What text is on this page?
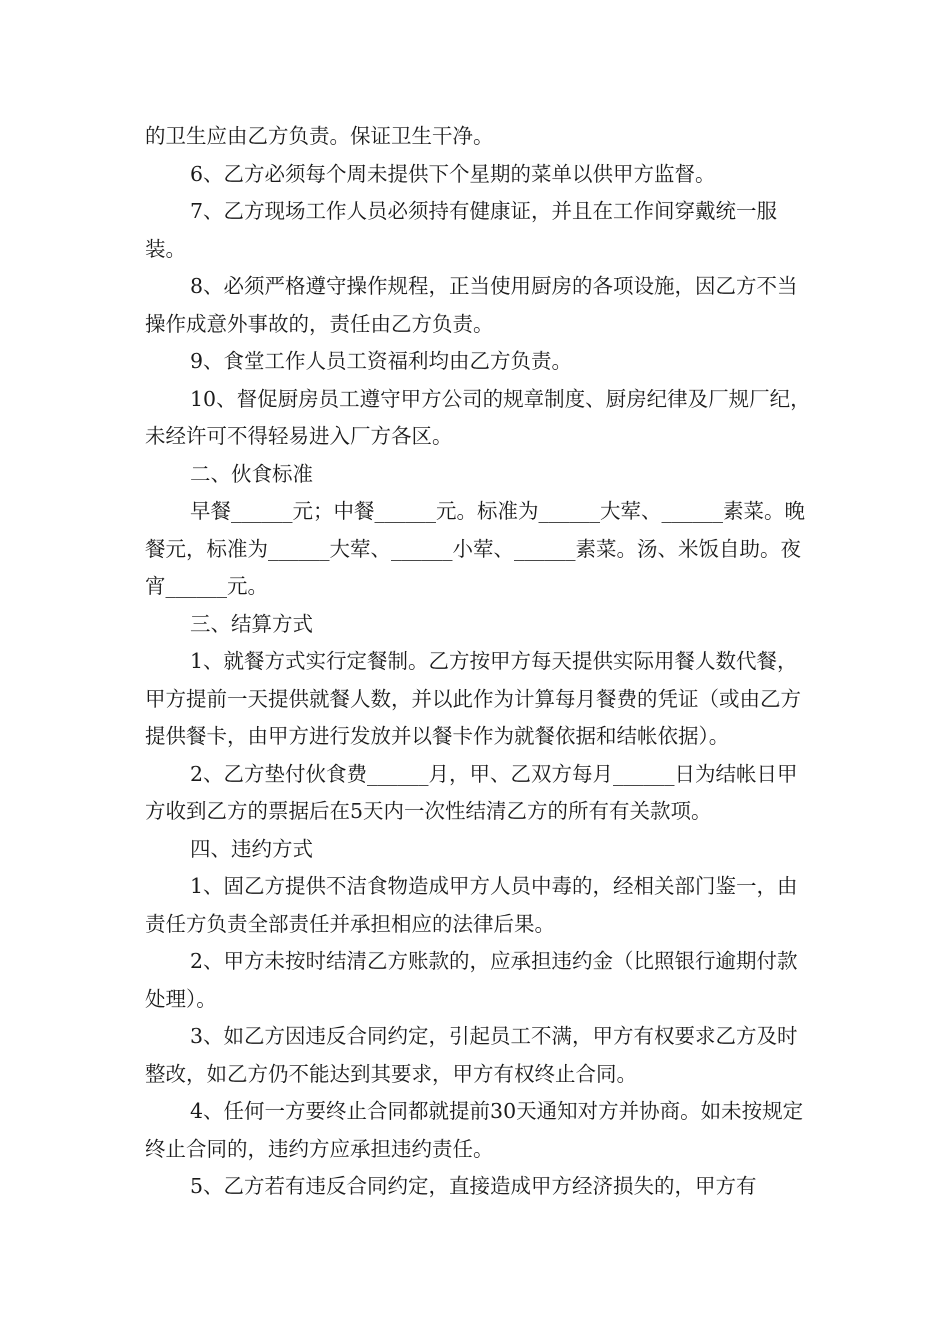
的卫生应由乙方负责。保证卫生干净。

6、乙方必须每个周未提供下个星期的菜单以供甲方监督。

7、乙方现场工作人员必须持有健康证，并且在工作间穿戴统一服装。

8、必须严格遵守操作规程，正当使用厨房的各项设施，因乙方不当操作成意外事故的，责任由乙方负责。

9、食堂工作人员工资福利均由乙方负责。

10、督促厨房员工遵守甲方公司的规章制度、厨房纪律及厂规厂纪，未经许可不得轻易进入厂方各区。

二、伙食标准

早餐______元；中餐______元。标准为______大荤、______素菜。晚餐元，标准为______大荤、______小荤、______素菜。汤、米饭自助。夜宵______元。

三、结算方式

1、就餐方式实行定餐制。乙方按甲方每天提供实际用餐人数代餐，甲方提前一天提供就餐人数，并以此作为计算每月餐费的凭证（或由乙方提供餐卡，由甲方进行发放并以餐卡作为就餐依据和结帐依据）。

2、乙方垫付伙食费______月，甲、乙双方每月______日为结帐日甲方收到乙方的票据后在5天内一次性结清乙方的所有有关款项。

四、违约方式

1、固乙方提供不洁食物造成甲方人员中毒的，经相关部门鉴一，由责任方负责全部责任并承担相应的法律后果。

2、甲方未按时结清乙方账款的，应承担违约金（比照银行逾期付款处理）。

3、如乙方因违反合同约定，引起员工不满，甲方有权要求乙方及时整改，如乙方仍不能达到其要求，甲方有权终止合同。

4、任何一方要终止合同都就提前30天通知对方并协商。如未按规定终止合同的，违约方应承担违约责任。

5、乙方若有违反合同约定，直接造成甲方经济损失的，甲方有
